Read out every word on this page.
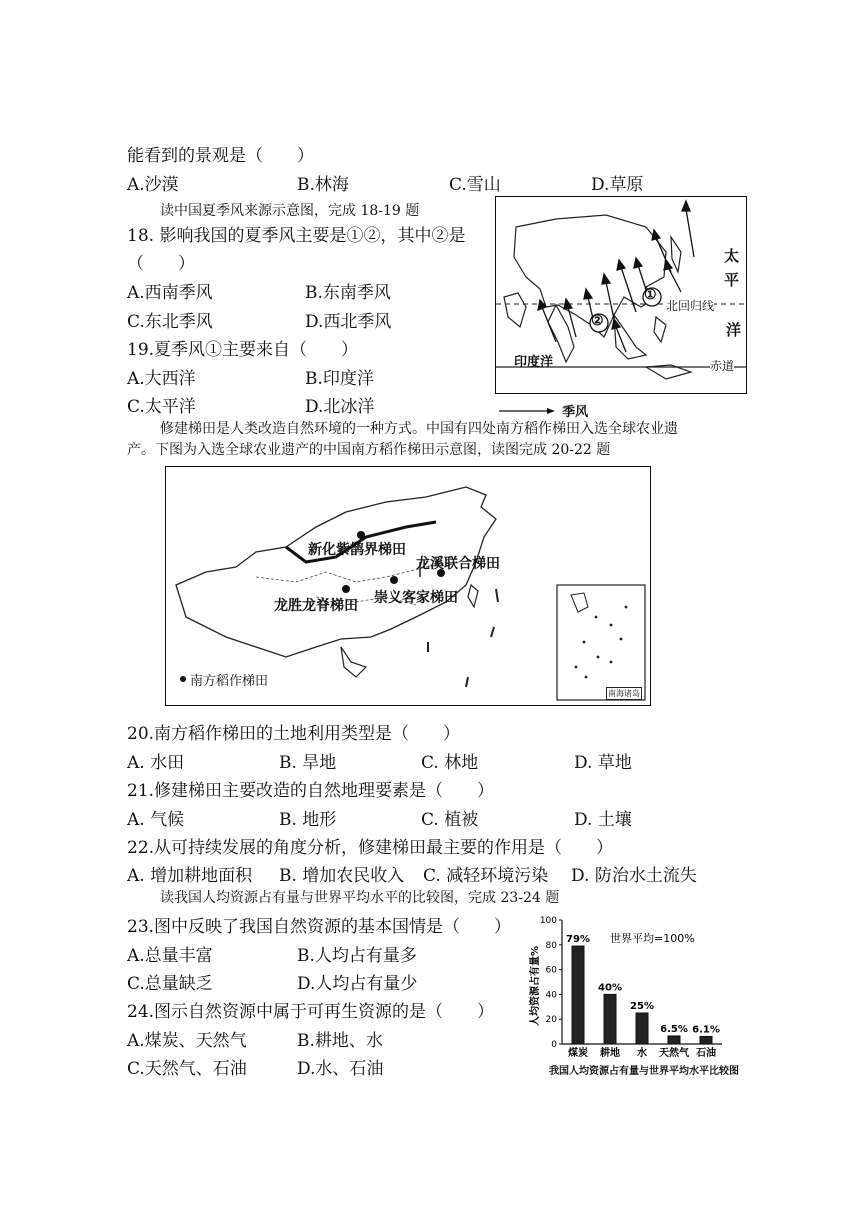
能看到的景观是（　　）
A.沙漠	B.林海	C.雪山	D.草原
读中国夏季风来源示意图，完成 18-19 题
18. 影响我国的夏季风主要是①②，其中②是
（　　）
A.西南季风	B.东南季风
C.东北季风	D.西北季风
19.夏季风①主要来自（　　）
A.大西洋	B.印度洋
C.太平洋	D.北冰洋
①
②
太
平
洋
北回归线
印度洋	赤道
季风
修建梯田是人类改造自然环境的一种方式。中国有四处南方稻作梯田入选全球农业遗
产。下图为入选全球农业遗产的中国南方稻作梯田示意图，读图完成 20-22 题
新化紫鹊界梯田
龙溪联合梯田
龙胜龙脊梯田 崇义客家梯田
南方稻作梯田
南海诸岛
20.南方稻作梯田的土地利用类型是（　　）
A. 水田	B. 旱地	C. 林地	D. 草地
21.修建梯田主要改造的自然地理要素是（　　）
A. 气候	B. 地形	C. 植被	D. 土壤
22.从可持续发展的角度分析，修建梯田最主要的作用是（　　）
A. 增加耕地面积 B. 增加农民收入 C. 减轻环境污染 D. 防治水土流失
读我国人均资源占有量与世界平均水平的比较图，完成 23-24 题
23.图中反映了我国自然资源的基本国情是（　　）
A.总量丰富	B.人均占有量多
C.总量缺乏	D.人均占有量少
24.图示自然资源中属于可再生资源的是（　　）
A.煤炭、天然气	B.耕地、水
C.天然气、石油	D.水、石油
人均资源占有量%
世界平均=100%
0
20
40
60
80
100
79%
煤炭
40%
耕地
25%
水
6.5%
天然气
6.1%
石油
我国人均资源占有量与世界平均水平比较图
